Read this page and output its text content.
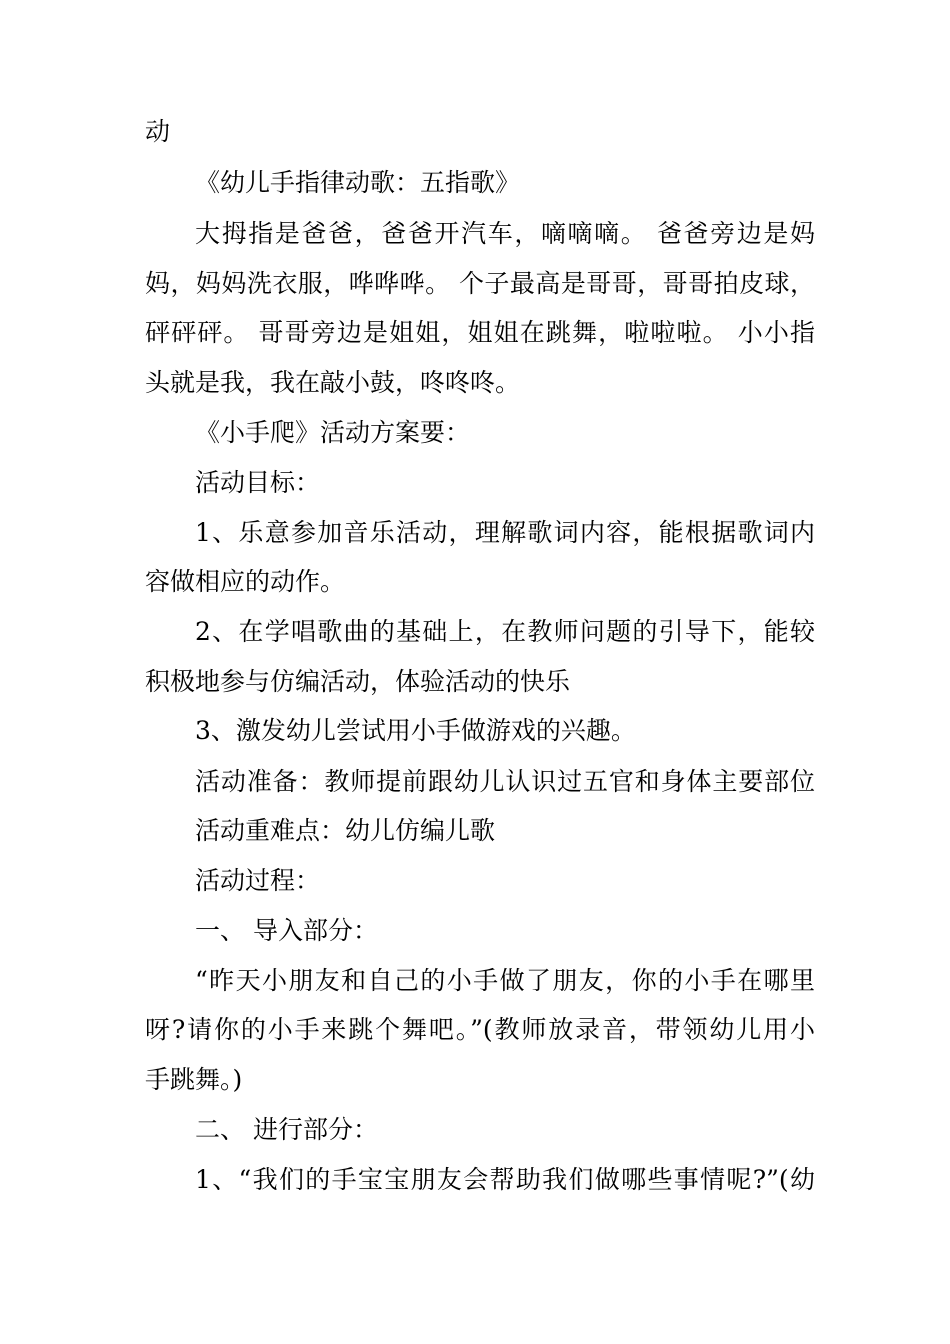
动
《幼儿手指律动歌：五指歌》
大拇指是爸爸，爸爸开汽车，嘀嘀嘀。 爸爸旁边是妈
妈，妈妈洗衣服，哗哗哗。 个子最高是哥哥，哥哥拍皮球，
砰砰砰。 哥哥旁边是姐姐，姐姐在跳舞，啦啦啦。 小小指
头就是我，我在敲小鼓，咚咚咚。
《小手爬》活动方案要：
活动目标：
1、乐意参加音乐活动，理解歌词内容，能根据歌词内
容做相应的动作。
2、在学唱歌曲的基础上，在教师问题的引导下，能较
积极地参与仿编活动，体验活动的快乐
3、激发幼儿尝试用小手做游戏的兴趣。
活动准备：教师提前跟幼儿认识过五官和身体主要部位
活动重难点：幼儿仿编儿歌
活动过程：
一、 导入部分：
“昨天小朋友和自己的小手做了朋友，你的小手在哪里
呀?请你的小手来跳个舞吧。”(教师放录音，带领幼儿用小
手跳舞。)
二、 进行部分：
1、“我们的手宝宝朋友会帮助我们做哪些事情呢?”(幼
